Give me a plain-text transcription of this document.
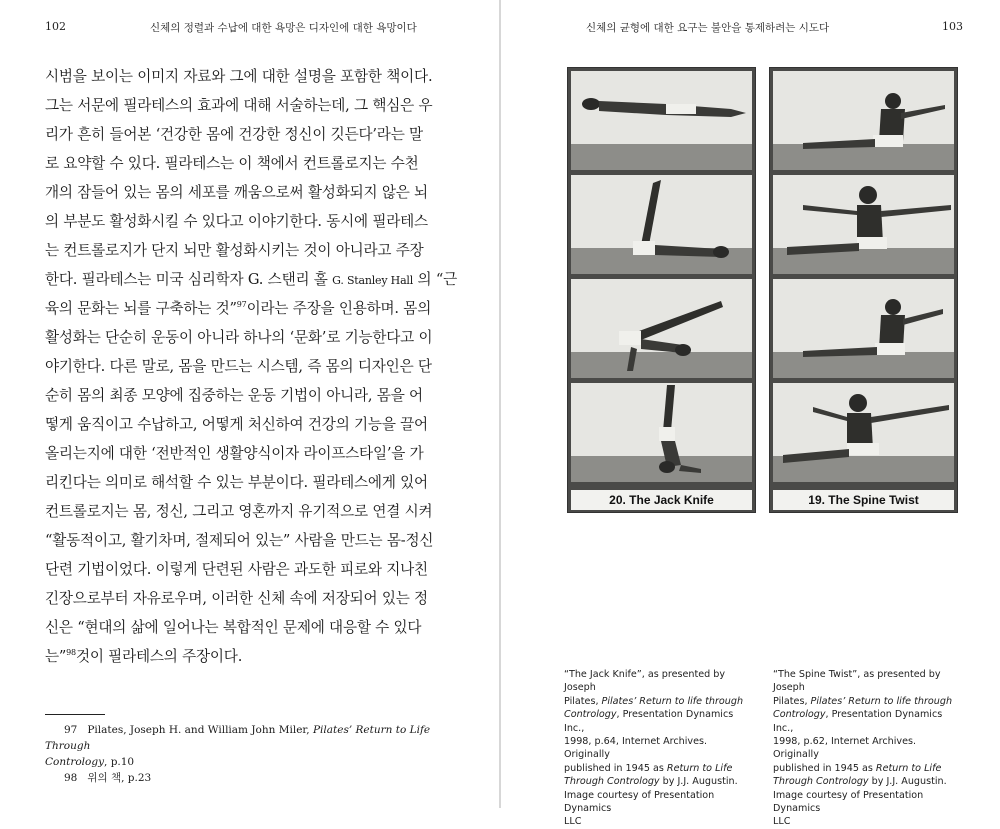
102	신체의 정렬과 수납에 대한 욕망은 디자인에 대한 욕망이다
시범을 보이는 이미지 자료와 그에 대한 설명을 포함한 책이다.
그는 서문에 필라테스의 효과에 대해 서술하는데, 그 핵심은 우
리가 흔히 들어본 ‘건강한 몸에 건강한 정신이 깃든다’라는 말
로 요약할 수 있다. 필라테스는 이 책에서 컨트롤로지는 수천
개의 잠들어 있는 몸의 세포를 깨움으로써 활성화되지 않은 뇌
의 부분도 활성화시킬 수 있다고 이야기한다. 동시에 필라테스
는 컨트롤로지가 단지 뇌만 활성화시키는 것이 아니라고 주장
한다. 필라테스는 미국 심리학자 G. 스탠리 홀 G. Stanley Hall 의 “근
육의 문화는 뇌를 구축하는 것”$^{97}$이라는 주장을 인용하며. 몸의
활성화는 단순히 운동이 아니라 하나의 ‘문화’로 기능한다고 이
야기한다. 다른 말로, 몸을 만드는 시스템, 즉 몸의 디자인은 단
순히 몸의 최종 모양에 집중하는 운동 기법이 아니라, 몸을 어
떻게 움직이고 수납하고, 어떻게 처신하여 건강의 기능을 끌어
올리는지에 대한 ‘전반적인 생활양식이자 라이프스타일’을 가
리킨다는 의미로 해석할 수 있는 부분이다. 필라테스에게 있어
컨트롤로지는 몸, 정신, 그리고 영혼까지 유기적으로 연결 시켜
“활동적이고, 활기차며, 절제되어 있는” 사람을 만드는 몸-정신
단련 기법이었다. 이렇게 단련된 사람은 과도한 피로와 지나친
긴장으로부터 자유로우며, 이러한 신체 속에 저장되어 있는 정
신은 “현대의 삶에 일어나는 복합적인 문제에 대응할 수 있다
는”$^{98}$것이 필라테스의 주장이다.
97 Pilates, Joseph H. and William John Miler, Pilates’ Return to Life Through
Contrology, p.10
98 위의 책, p.23
신체의 균형에 대한 요구는 불안을 통제하려는 시도다	103
20. The Jack Knife	19. The Spine Twist
“The Jack Knife”, as presented by Joseph
Pilates, Pilates’ Return to life through
Contrology, Presentation Dynamics Inc.,
1998, p.64, Internet Archives. Originally
published in 1945 as Return to Life
Through Contrology by J.J. Augustin.
Image courtesy of Presentation Dynamics
LLC
“The Spine Twist”, as presented by Joseph
Pilates, Pilates’ Return to life through
Contrology, Presentation Dynamics Inc.,
1998, p.62, Internet Archives. Originally
published in 1945 as Return to Life
Through Contrology by J.J. Augustin.
Image courtesy of Presentation Dynamics
LLC
